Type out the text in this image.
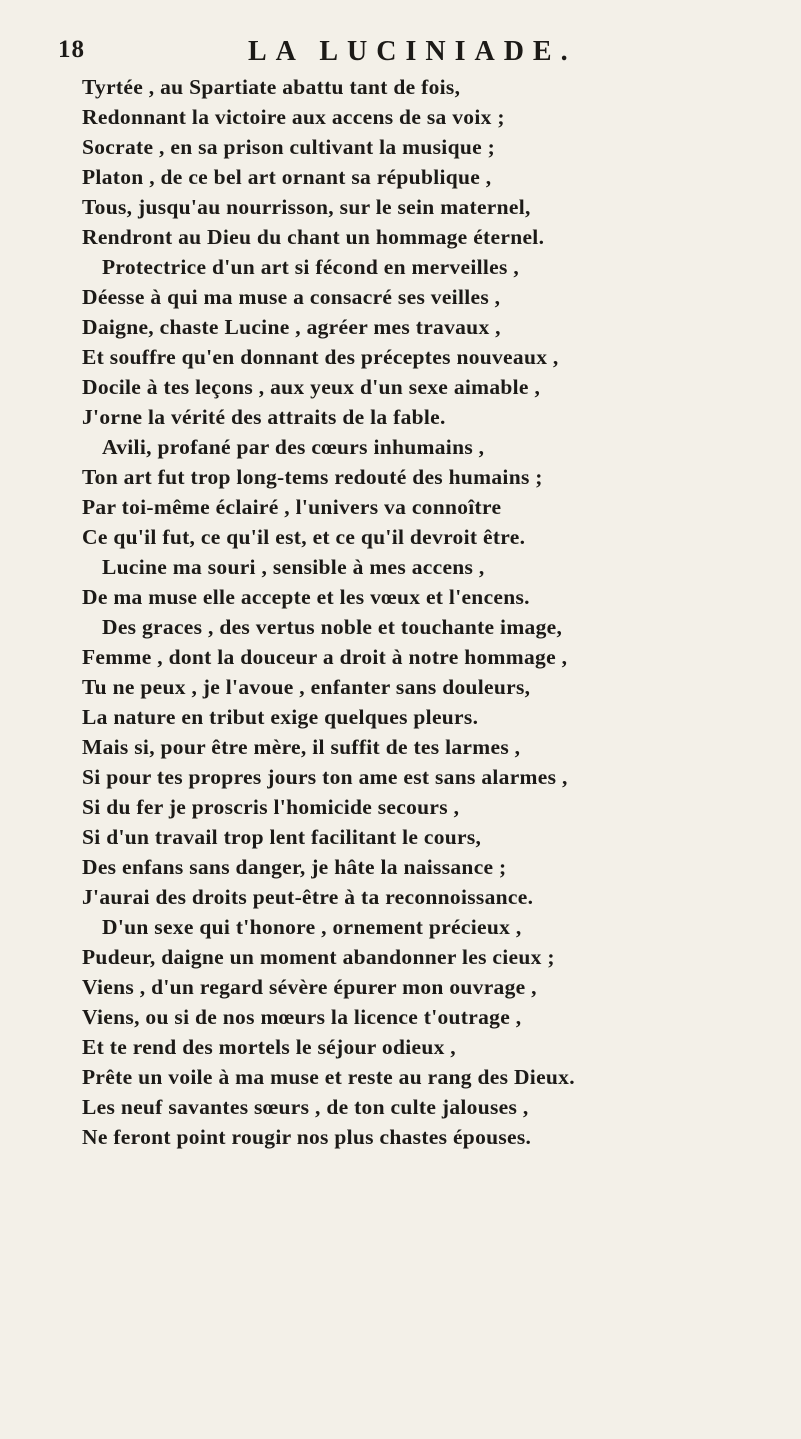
18	LA LUCINIADE.
Tyrtée , au Spartiate abattu tant de fois,
Redonnant la victoire aux accens de sa voix ;
Socrate , en sa prison cultivant la musique ;
Platon , de ce bel art ornant sa république ,
Tous, jusqu'au nourrisson, sur le sein maternel,
Rendront au Dieu du chant un hommage éternel.
Protectrice d'un art si fécond en merveilles ,
Déesse à qui ma muse a consacré ses veilles ,
Daigne, chaste Lucine , agréer mes travaux ,
Et souffre qu'en donnant des préceptes nouveaux ,
Docile à tes leçons , aux yeux d'un sexe aimable ,
J'orne la vérité des attraits de la fable.
Avili, profané par des cœurs inhumains ,
Ton art fut trop long-tems redouté des humains ;
Par toi-même éclairé , l'univers va connoître
Ce qu'il fut, ce qu'il est, et ce qu'il devroit être.
Lucine ma souri , sensible à mes accens ,
De ma muse elle accepte et les vœux et l'encens.
Des graces , des vertus noble et touchante image,
Femme , dont la douceur a droit à notre hommage ,
Tu ne peux , je l'avoue , enfanter sans douleurs,
La nature en tribut exige quelques pleurs.
Mais si, pour être mère, il suffit de tes larmes ,
Si pour tes propres jours ton ame est sans alarmes ,
Si du fer je proscris l'homicide secours ,
Si d'un travail trop lent facilitant le cours,
Des enfans sans danger, je hâte la naissance ;
J'aurai des droits peut-être à ta reconnoissance.
D'un sexe qui t'honore , ornement précieux ,
Pudeur, daigne un moment abandonner les cieux ;
Viens , d'un regard sévère épurer mon ouvrage ,
Viens, ou si de nos mœurs la licence t'outrage ,
Et te rend des mortels le séjour odieux ,
Prête un voile à ma muse et reste au rang des Dieux.
Les neuf savantes sœurs , de ton culte jalouses ,
Ne feront point rougir nos plus chastes épouses.
